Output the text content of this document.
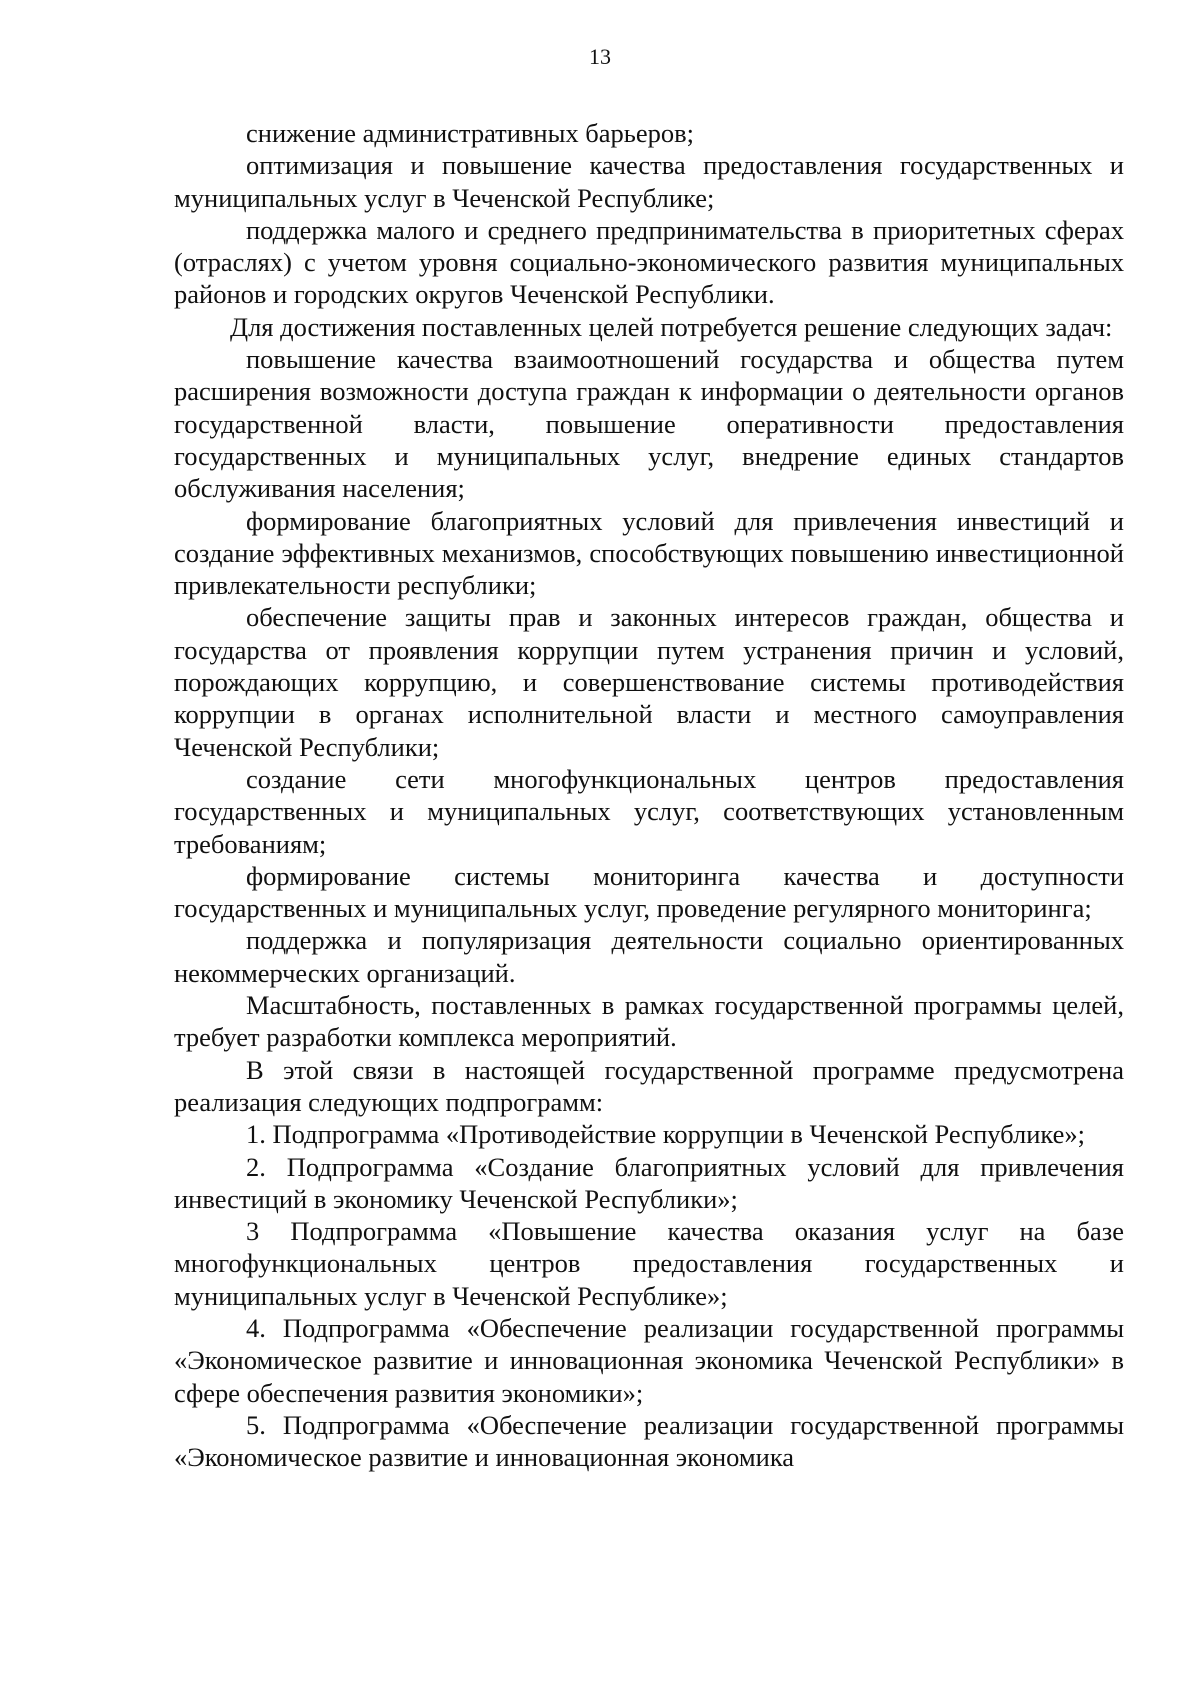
13

снижение административных барьеров;

оптимизация и повышение качества предоставления государственных и муниципальных услуг в Чеченской Республике;

поддержка малого и среднего предпринимательства в приоритетных сферах (отраслях) с учетом уровня социально-экономического развития муниципальных районов и городских округов Чеченской Республики.

Для достижения поставленных целей потребуется решение следующих задач:

повышение качества взаимоотношений государства и общества путем расширения возможности доступа граждан к информации о деятельности органов государственной власти, повышение оперативности предоставления государственных и муниципальных услуг, внедрение единых стандартов обслуживания населения;

формирование благоприятных условий для привлечения инвестиций и создание эффективных механизмов, способствующих повышению инвестиционной привлекательности республики;

обеспечение защиты прав и законных интересов граждан, общества и государства от проявления коррупции путем устранения причин и условий, порождающих коррупцию, и совершенствование системы противодействия коррупции в органах исполнительной власти и местного самоуправления Чеченской Республики;

создание сети многофункциональных центров предоставления государственных и муниципальных услуг, соответствующих установленным требованиям;

формирование системы мониторинга качества и доступности государственных и муниципальных услуг, проведение регулярного мониторинга;

поддержка и популяризация деятельности социально ориентированных некоммерческих организаций.

Масштабность, поставленных в рамках государственной программы целей, требует разработки комплекса мероприятий.

В этой связи в настоящей государственной программе предусмотрена реализация следующих подпрограмм:

1. Подпрограмма «Противодействие коррупции в Чеченской Республике»;

2. Подпрограмма «Создание благоприятных условий для привлечения инвестиций в экономику Чеченской Республики»;

3 Подпрограмма «Повышение качества оказания услуг на базе многофункциональных центров предоставления государственных и муниципальных услуг в Чеченской Республике»;

4. Подпрограмма «Обеспечение реализации государственной программы «Экономическое развитие и инновационная экономика Чеченской Республики» в сфере обеспечения развития экономики»;

5. Подпрограмма «Обеспечение реализации государственной программы «Экономическое развитие и инновационная экономика
